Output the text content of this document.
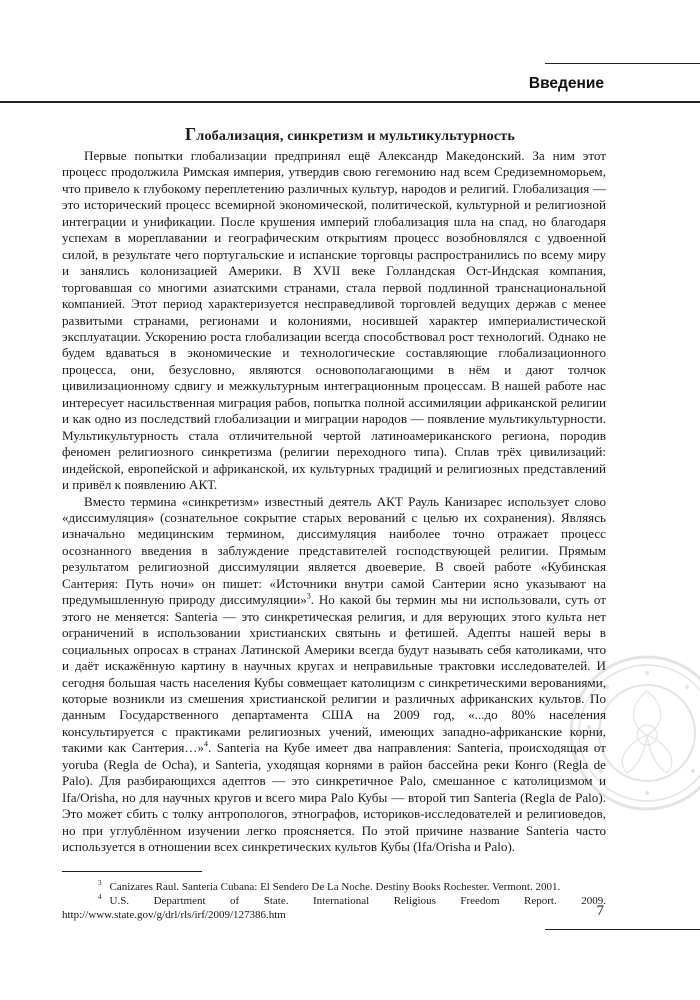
Введение
Глобализация, синкретизм и мультикультурность

Первые попытки глобализации предпринял ещё Александр Македонский. За ним этот процесс продолжила Римская империя, утвердив свою гегемонию над всем Средиземноморьем, что привело к глубокому переплетению различных культур, народов и религий. Глобализация — это исторический процесс всемирной экономической, политической, культурной и религиозной интеграции и унификации. После крушения империй глобализация шла на спад, но благодаря успехам в мореплавании и географическим открытиям процесс возобновлялся с удвоенной силой, в результате чего португальские и испанские торговцы распространились по всему миру и занялись колонизацией Америки. В XVII веке Голландская Ост-Индская компания, торговавшая со многими азиатскими странами, стала первой подлинной транснациональной компанией. Этот период характеризуется несправедливой торговлей ведущих держав с менее развитыми странами, регионами и колониями, носившей характер империалистической эксплуатации. Ускорению роста глобализации всегда способствовал рост технологий. Однако не будем вдаваться в экономические и технологические составляющие глобализационного процесса, они, безусловно, являются основополагающими в нём и дают толчок цивилизационному сдвигу и межкультурным интеграционным процессам. В нашей работе нас интересует насильственная миграция рабов, попытка полной ассимиляции африканской религии и как одно из последствий глобализации и миграции народов — появление мультикультурности. Мультикультурность стала отличительной чертой латиноамериканского региона, породив феномен религиозного синкретизма (религии переходного типа). Сплав трёх цивилизаций: индейской, европейской и африканской, их культурных традиций и религиозных представлений и привёл к появлению АКТ.

Вместо термина «синкретизм» известный деятель АКТ Рауль Канизарес использует слово «диссимуляция» (сознательное сокрытие старых верований с целью их сохранения). Являясь изначально медицинским термином, диссимуляция наиболее точно отражает процесс осознанного введения в заблуждение представителей господствующей религии. Прямым результатом религиозной диссимуляции является двоеверие. В своей работе «Кубинская Сантерия: Путь ночи» он пишет: «Источники внутри самой Сантерии ясно указывают на предумышленную природу диссимуляции»$^3$. Но какой бы термин мы ни использовали, суть от этого не меняется: Santeria — это синкретическая религия, и для верующих этого культа нет ограничений в использовании христианских святынь и фетишей. Адепты нашей веры в социальных опросах в странах Латинской Америки всегда будут называть себя католиками, что и даёт искажённую картину в научных кругах и неправильные трактовки исследователей. И сегодня большая часть населения Кубы совмещает католицизм с синкретическими верованиями, которые возникли из смешения христианской религии и различных африканских культов. По данным Государственного департамента США на 2009 год, «...до 80% населения консультируется с практиками религиозных учений, имеющих западно-африканские корни, такими как Сантерия…»$^4$. Santeria на Кубе имеет два направления: Santeria, происходящая от yoruba (Regla de Ocha), и Santeria, уходящая корнями в район бассейна реки Конго (Regla de Palo). Для разбирающихся адептов — это синкретичное Palo, смешанное с католицизмом и Ifa/Orisha, но для научных кругов и всего мира Palo Кубы — второй тип Santeria (Regla de Palo). Это может сбить с толку антропологов, этнографов, историков-исследователей и религиоведов, но при углублённом изучении легко проясняется. По этой причине название Santeria часто используется в отношении всех синкретических культов Кубы (Ifa/Orisha и Palo).

$^3$ Canizares Raul. Santeria Cubana: El Sendero De La Noche. Destiny Books Rochester. Vermont. 2001.

$^4$ U.S. Department of State. International Religious Freedom Report. 2009. http://www.state.gov/g/drl/rls/irf/2009/127386.htm	7
